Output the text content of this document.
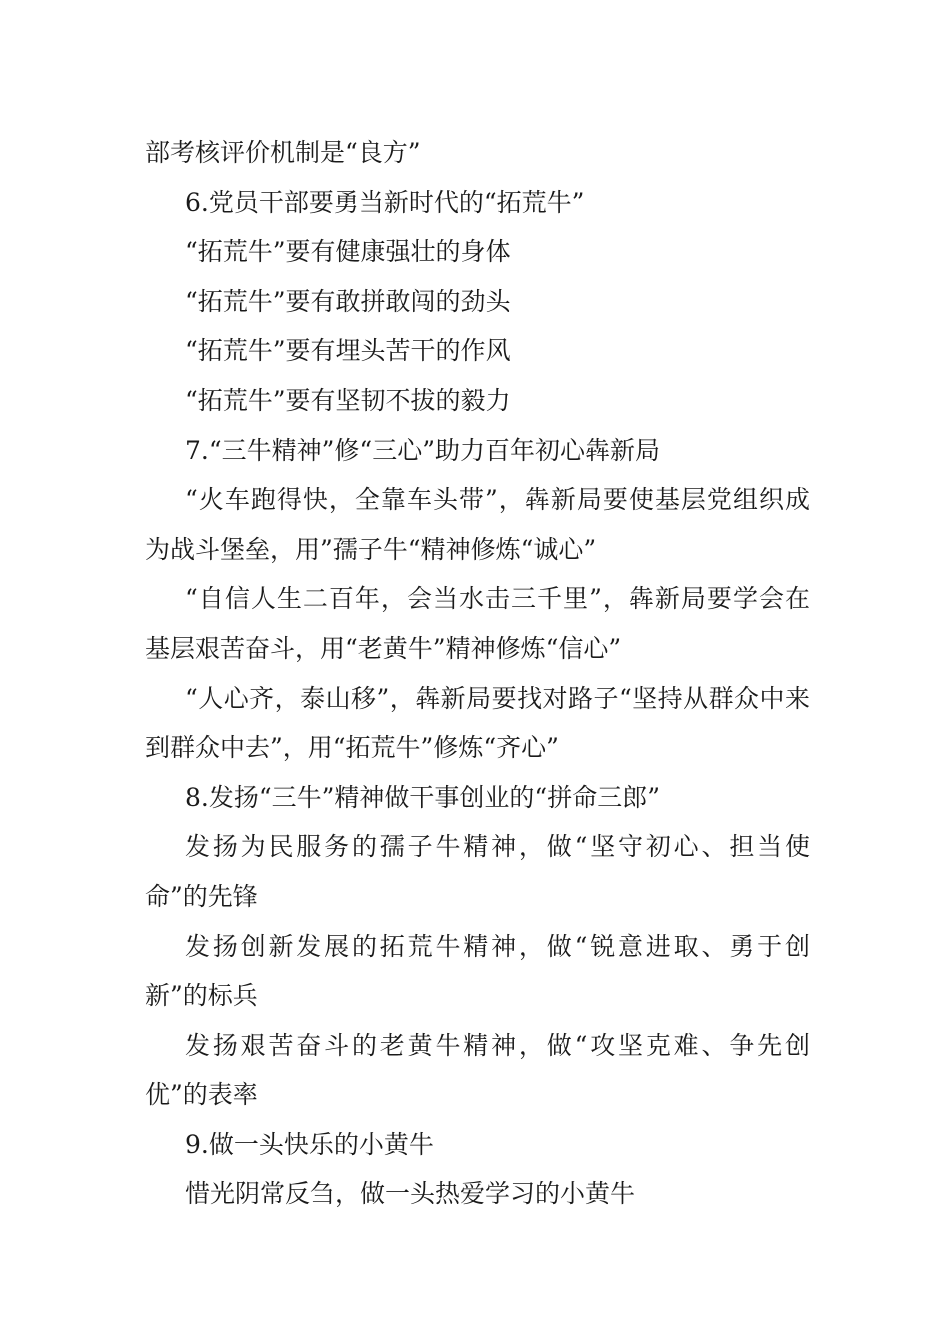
部考核评价机制是“良方”
6.党员干部要勇当新时代的“拓荒牛”
“拓荒牛”要有健康强壮的身体
“拓荒牛”要有敢拼敢闯的劲头
“拓荒牛”要有埋头苦干的作风
“拓荒牛”要有坚韧不拔的毅力
7.“三牛精神”修“三心”助力百年初心犇新局
“火车跑得快，全靠车头带”，犇新局要使基层党组织成为战斗堡垒，用”孺子牛“精神修炼“诚心”
“自信人生二百年，会当水击三千里”，犇新局要学会在基层艰苦奋斗，用“老黄牛”精神修炼“信心”
“人心齐，泰山移”，犇新局要找对路子“坚持从群众中来到群众中去”，用“拓荒牛”修炼“齐心”
8.发扬“三牛”精神做干事创业的“拼命三郎”
发扬为民服务的孺子牛精神，做“坚守初心、担当使命”的先锋
发扬创新发展的拓荒牛精神，做“锐意进取、勇于创新”的标兵
发扬艰苦奋斗的老黄牛精神，做“攻坚克难、争先创优”的表率
9.做一头快乐的小黄牛
惜光阴常反刍，做一头热爱学习的小黄牛
